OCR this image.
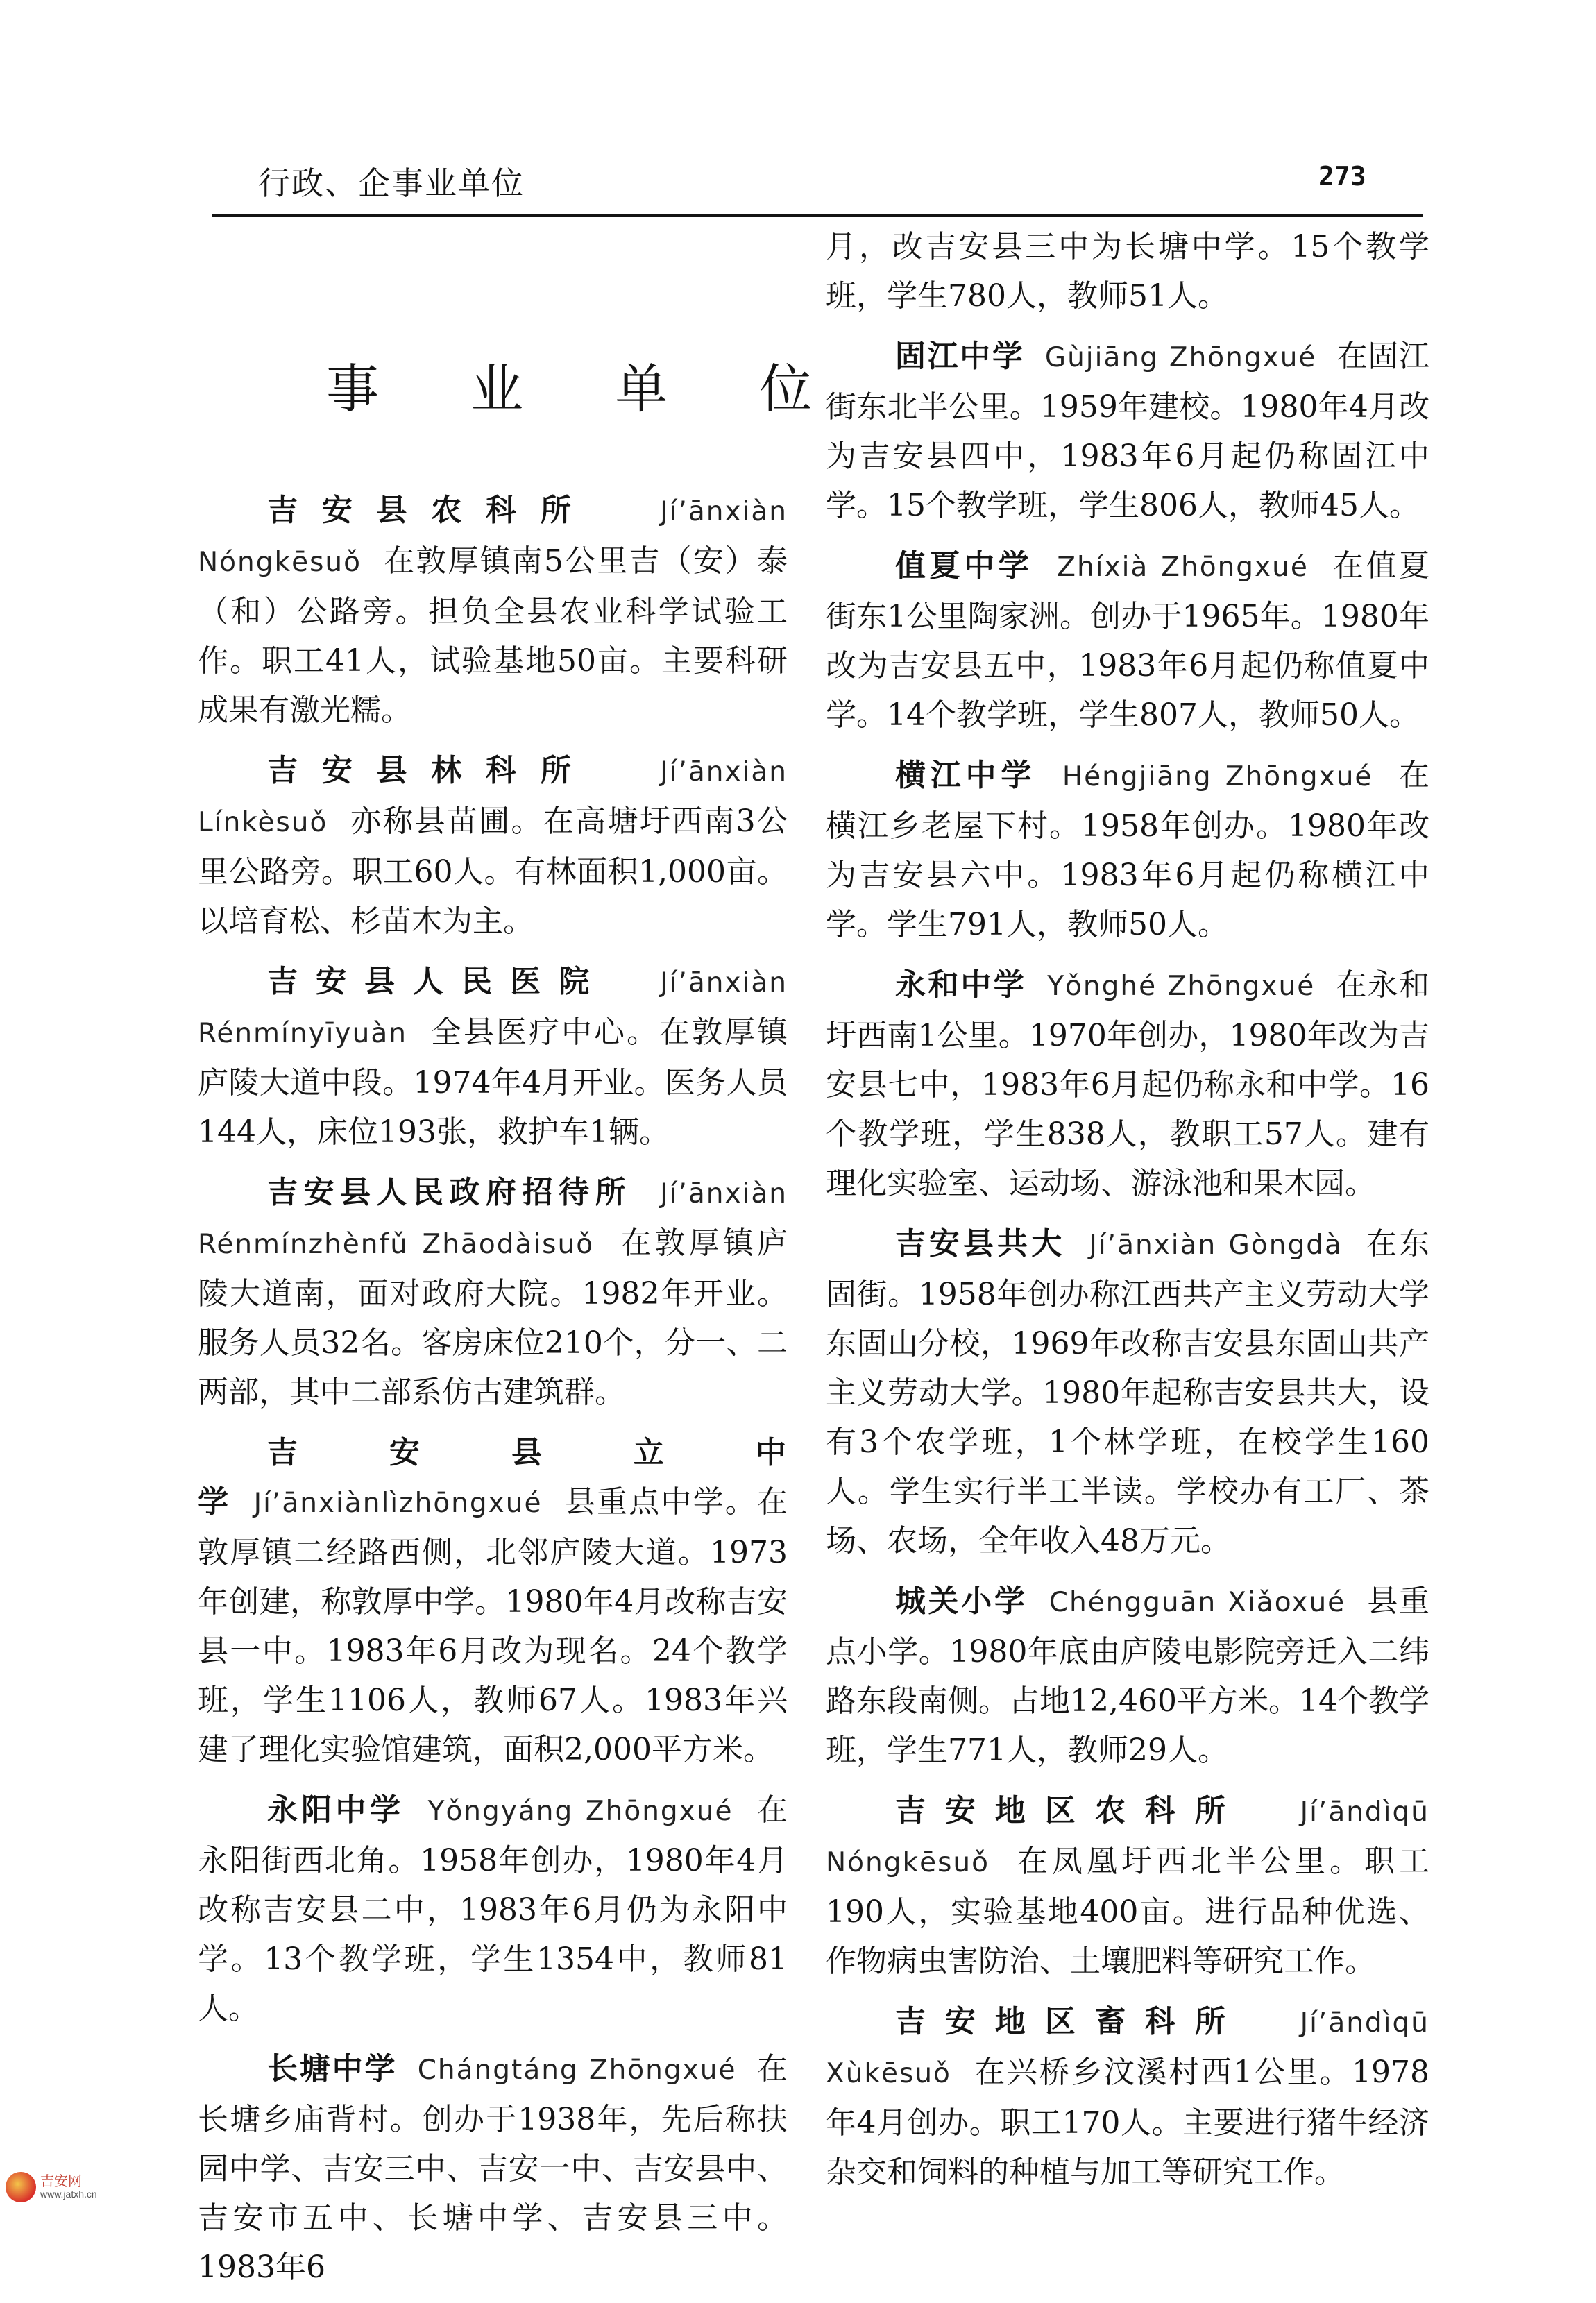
行政、企事业单位	273
事 业 单 位

吉安县农科所 Jí’ānxiàn Nóngkēsuǒ 在敦厚镇南5公里吉（安）泰（和）公路旁。担负全县农业科学试验工作。职工41人，试验基地50亩。主要科研成果有激光糯。

吉安县林科所 Jí’ānxiàn Línkèsuǒ 亦称县苗圃。在高塘圩西南3公里公路旁。职工60人。有林面积1,000亩。以培育松、杉苗木为主。

吉安县人民医院 Jí’ānxiàn Rénmínyīyuàn 全县医疗中心。在敦厚镇庐陵大道中段。1974年4月开业。医务人员144人，床位193张，救护车1辆。

吉安县人民政府招待所 Jí’ānxiàn Rénmínzhènfǔ Zhāodàisuǒ 在敦厚镇庐陵大道南，面对政府大院。1982年开业。服务人员32名。客房床位210个，分一、二两部，其中二部系仿古建筑群。

吉安县立中学 Jí’ānxiànlìzhōngxué 县重点中学。在敦厚镇二经路西侧，北邻庐陵大道。1973年创建，称敦厚中学。1980年4月改称吉安县一中。1983年6月改为现名。24个教学班，学生1106人，教师67人。1983年兴建了理化实验馆建筑，面积2,000平方米。

永阳中学 Yǒngyáng Zhōngxué 在永阳街西北角。1958年创办，1980年4月改称吉安县二中，1983年6月仍为永阳中学。13个教学班，学生1354中，教师81人。

长塘中学 Chángtáng Zhōngxué 在长塘乡庙背村。创办于1938年，先后称扶园中学、吉安三中、吉安一中、吉安县中、吉安市五中、长塘中学、吉安县三中。1983年6

月，改吉安县三中为长塘中学。15个教学班，学生780人，教师51人。

固江中学 Gùjiāng Zhōngxué 在固江街东北半公里。1959年建校。1980年4月改为吉安县四中，1983年6月起仍称固江中学。15个教学班，学生806人，教师45人。

值夏中学 Zhíxià Zhōngxué 在值夏街东1公里陶家洲。创办于1965年。1980年改为吉安县五中，1983年6月起仍称值夏中学。14个教学班，学生807人，教师50人。

横江中学 Héngjiāng Zhōngxué 在横江乡老屋下村。1958年创办。1980年改为吉安县六中。1983年6月起仍称横江中学。学生791人，教师50人。

永和中学 Yǒnghé Zhōngxué 在永和圩西南1公里。1970年创办，1980年改为吉安县七中，1983年6月起仍称永和中学。16个教学班，学生838人，教职工57人。建有理化实验室、运动场、游泳池和果木园。

吉安县共大 Jí’ānxiàn Gòngdà 在东固街。1958年创办称江西共产主义劳动大学东固山分校，1969年改称吉安县东固山共产主义劳动大学。1980年起称吉安县共大，设有3个农学班，1个林学班，在校学生160人。学生实行半工半读。学校办有工厂、茶场、农场，全年收入48万元。

城关小学 Chéngguān Xiǎoxué 县重点小学。1980年底由庐陵电影院旁迁入二纬路东段南侧。占地12,460平方米。14个教学班，学生771人，教师29人。

吉安地区农科所 Jí’āndìqū Nóngkēsuǒ 在凤凰圩西北半公里。职工190人，实验基地400亩。进行品种优选、作物病虫害防治、土壤肥料等研究工作。

吉安地区畜科所 Jí’āndìqū Xùkēsuǒ 在兴桥乡汶溪村西1公里。1978年4月创办。职工170人。主要进行猪牛经济杂交和饲料的种植与加工等研究工作。

吉安网
www.jatxh.cn
